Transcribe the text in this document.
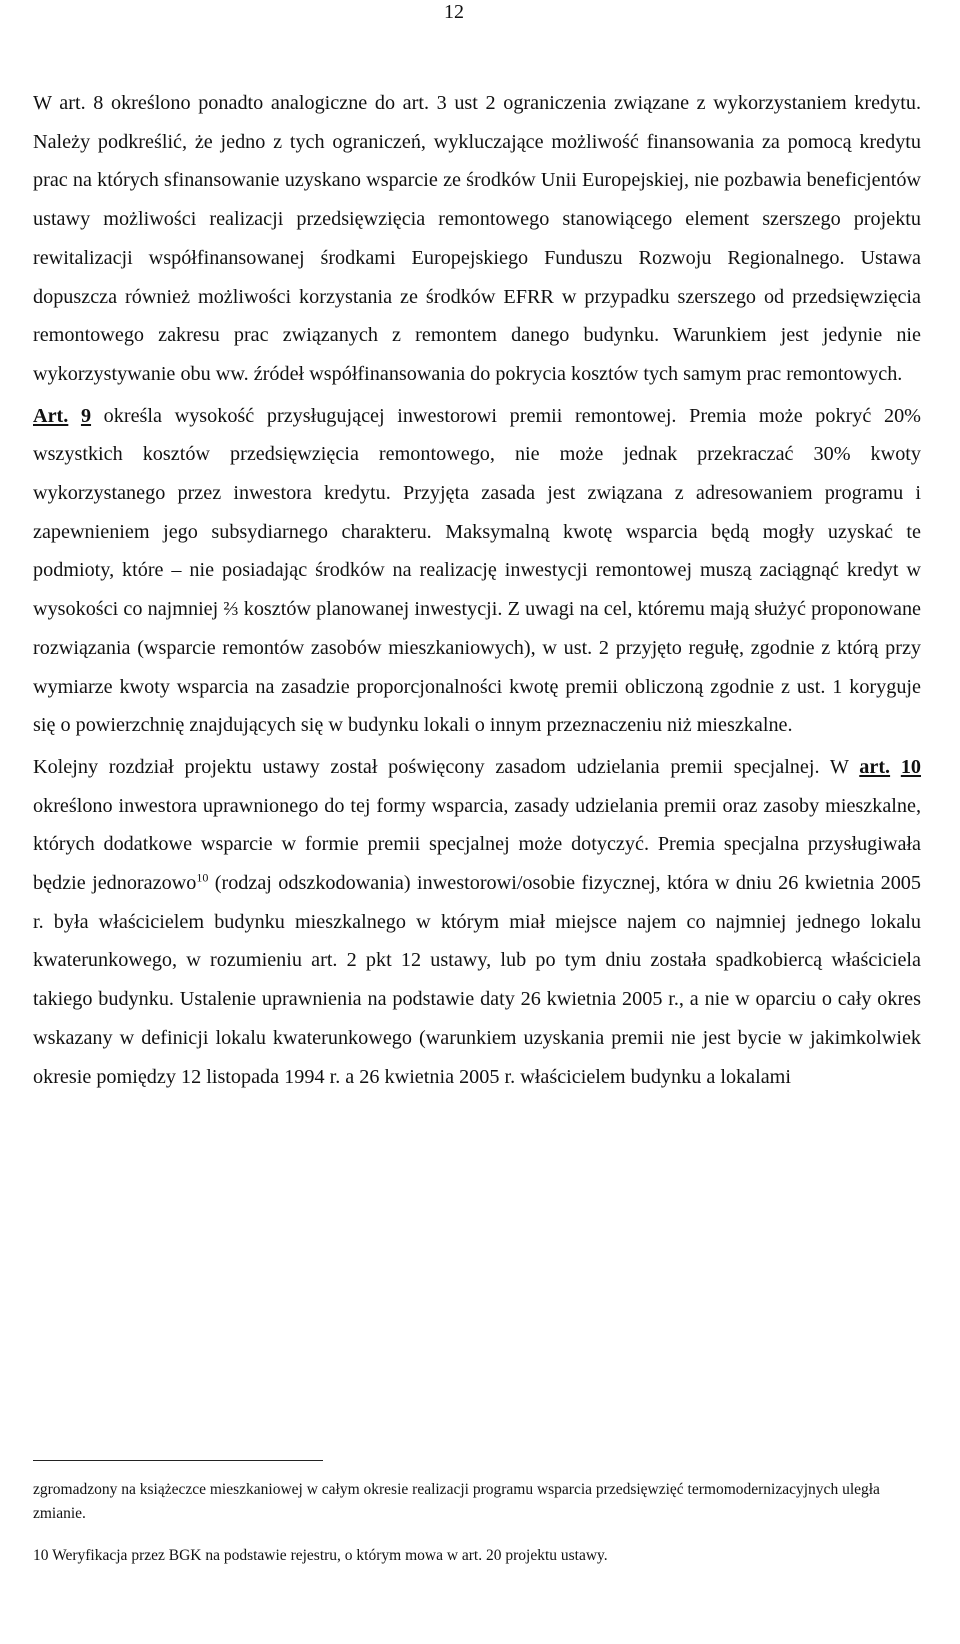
12

W art. 8 określono ponadto analogiczne do art. 3 ust 2 ograniczenia związane z wykorzystaniem kredytu. Należy podkreślić, że jedno z tych ograniczeń, wykluczające możliwość finansowania za pomocą kredytu prac na których sfinansowanie uzyskano wsparcie ze środków Unii Europejskiej, nie pozbawia beneficjentów ustawy możliwości realizacji przedsięwzięcia remontowego stanowiącego element szerszego projektu rewitalizacji współfinansowanej środkami Europejskiego Funduszu Rozwoju Regionalnego. Ustawa dopuszcza również możliwości korzystania ze środków EFRR w przypadku szerszego od przedsięwzięcia remontowego zakresu prac związanych z remontem danego budynku. Warunkiem jest jedynie nie wykorzystywanie obu ww. źródeł współfinansowania do pokrycia kosztów tych samym prac remontowych.

Art. 9 określa wysokość przysługującej inwestorowi premii remontowej. Premia może pokryć 20% wszystkich kosztów przedsięwzięcia remontowego, nie może jednak przekraczać 30% kwoty wykorzystanego przez inwestora kredytu. Przyjęta zasada jest związana z adresowaniem programu i zapewnieniem jego subsydiarnego charakteru. Maksymalną kwotę wsparcia będą mogły uzyskać te podmioty, które – nie posiadając środków na realizację inwestycji remontowej muszą zaciągnąć kredyt w wysokości co najmniej ⅔ kosztów planowanej inwestycji. Z uwagi na cel, któremu mają służyć proponowane rozwiązania (wsparcie remontów zasobów mieszkaniowych), w ust. 2 przyjęto regułę, zgodnie z którą przy wymiarze kwoty wsparcia na zasadzie proporcjonalności kwotę premii obliczoną zgodnie z ust. 1 koryguje się o powierzchnię znajdujących się w budynku lokali o innym przeznaczeniu niż mieszkalne.

Kolejny rozdział projektu ustawy został poświęcony zasadom udzielania premii specjalnej. W art. 10 określono inwestora uprawnionego do tej formy wsparcia, zasady udzielania premii oraz zasoby mieszkalne, których dodatkowe wsparcie w formie premii specjalnej może dotyczyć. Premia specjalna przysługiwała będzie jednorazowo$^{10}$ (rodzaj odszkodowania) inwestorowi/osobie fizycznej, która w dniu 26 kwietnia 2005 r. była właścicielem budynku mieszkalnego w którym miał miejsce najem co najmniej jednego lokalu kwaterunkowego, w rozumieniu art. 2 pkt 12 ustawy, lub po tym dniu została spadkobiercą właściciela takiego budynku. Ustalenie uprawnienia na podstawie daty 26 kwietnia 2005 r., a nie w oparciu o cały okres wskazany w definicji lokalu kwaterunkowego (warunkiem uzyskania premii nie jest bycie w jakimkolwiek okresie pomiędzy 12 listopada 1994 r. a 26 kwietnia 2005 r. właścicielem budynku a lokalami

zgromadzony na książeczce mieszkaniowej w całym okresie realizacji programu wsparcia przedsięwzięć termomodernizacyjnych uległa zmianie.

10 Weryfikacja przez BGK na podstawie rejestru, o którym mowa w art. 20 projektu ustawy.
